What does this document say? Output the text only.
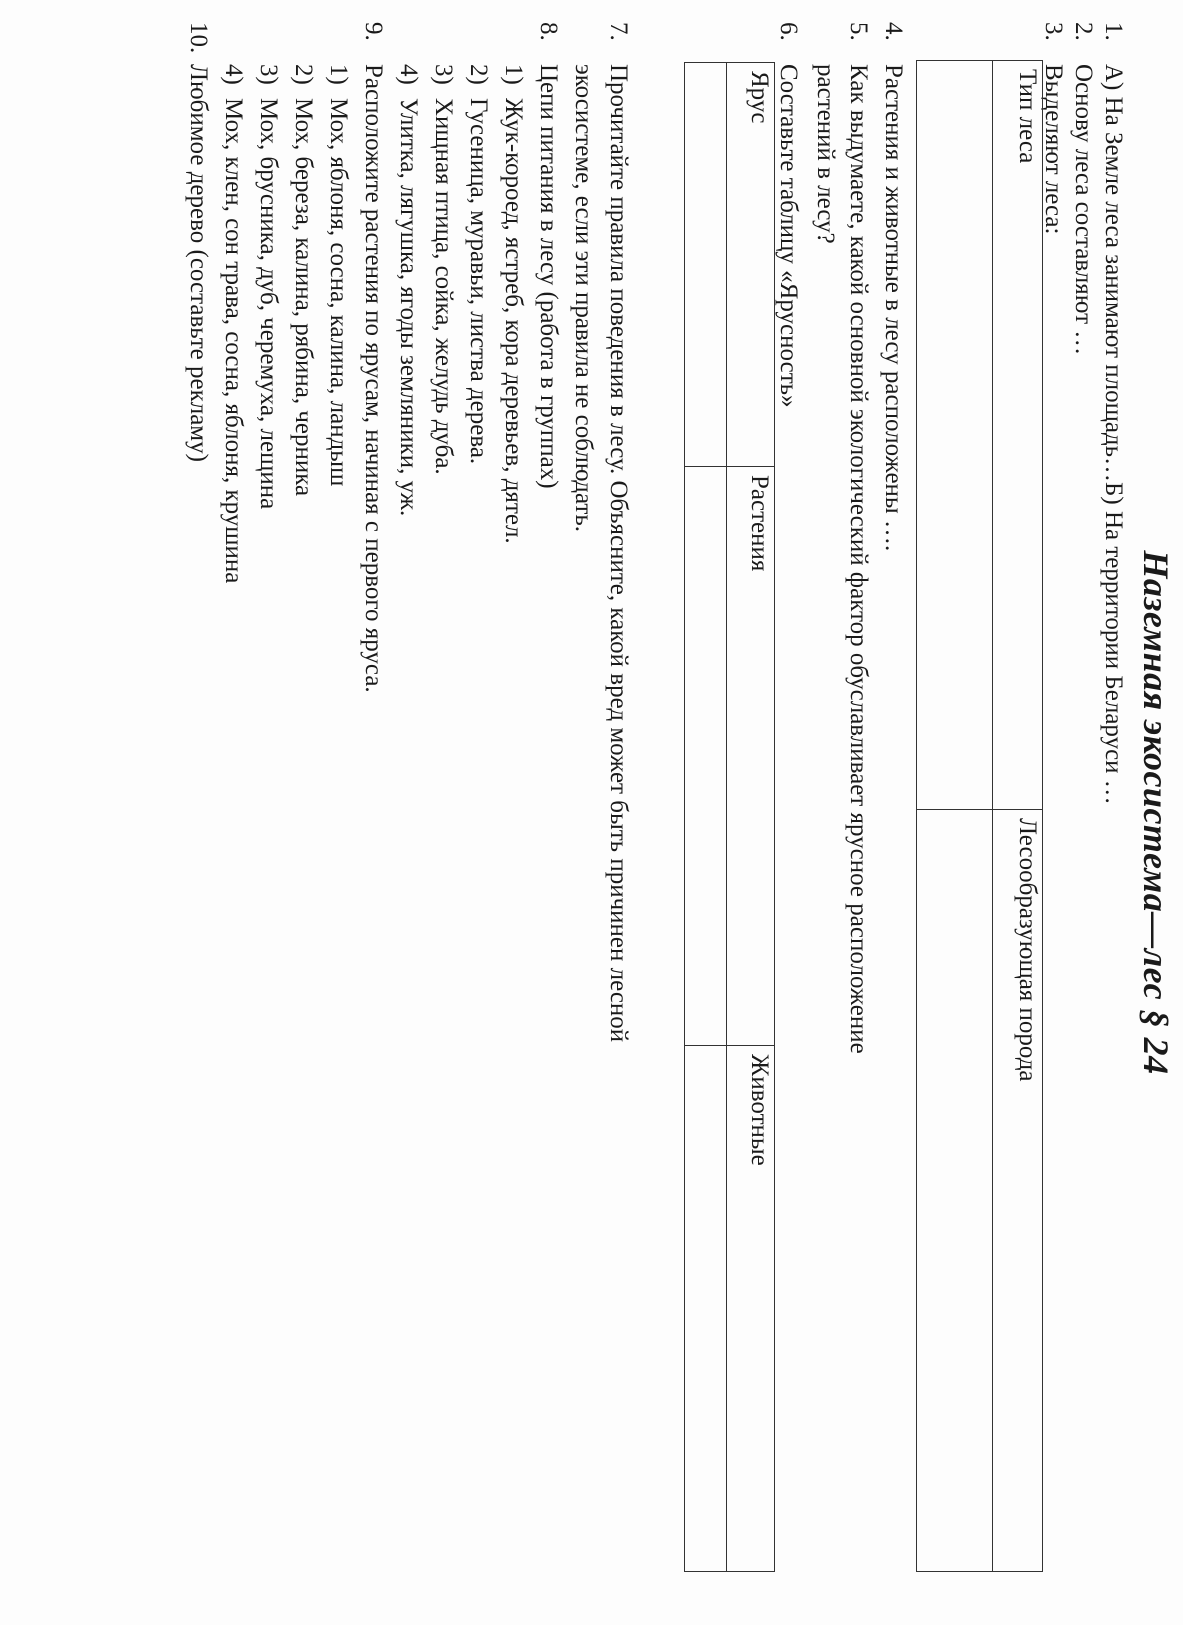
Наземная экосистема—лес § 24
1.А) На Земле леса занимают площадь…Б) На территории Беларуси …
2.Основу леса составляют …
3.Выделяют леса:
Тип леса	Лесообразующая порода

4.Растения и животные в лесу расположены ….
5.Как выдумаете, какой основной экологический фактор обуславливает ярусное расположение
растений в лесу?
6.Составьте таблицу «Ярусность»
Ярус	Растения	Животные

7.Прочитайте правила поведения в лесу. Объясните, какой вред может быть причинен лесной
экосистеме, если эти правила не соблюдать.
8.Цепи питания в лесу (работа в группах)
1)Жук-короед, ястреб, кора деревьев, дятел.
2)Гусеница, муравьи, листва дерева.
3)Хищная птица, сойка, желудь дуба.
4)Улитка, лягушка, ягоды земляники, уж.
9.Расположите растения по ярусам, начиная с первого яруса.
1)Мох, яблоня, сосна, калина, ландыш
2)Мох, береза, калина, рябина, черника
3)Мох, брусника, дуб, черемуха, лещина
4)Мох, клен, сон трава, сосна, яблоня, крушина
10.Любимое дерево (составьте рекламу)
